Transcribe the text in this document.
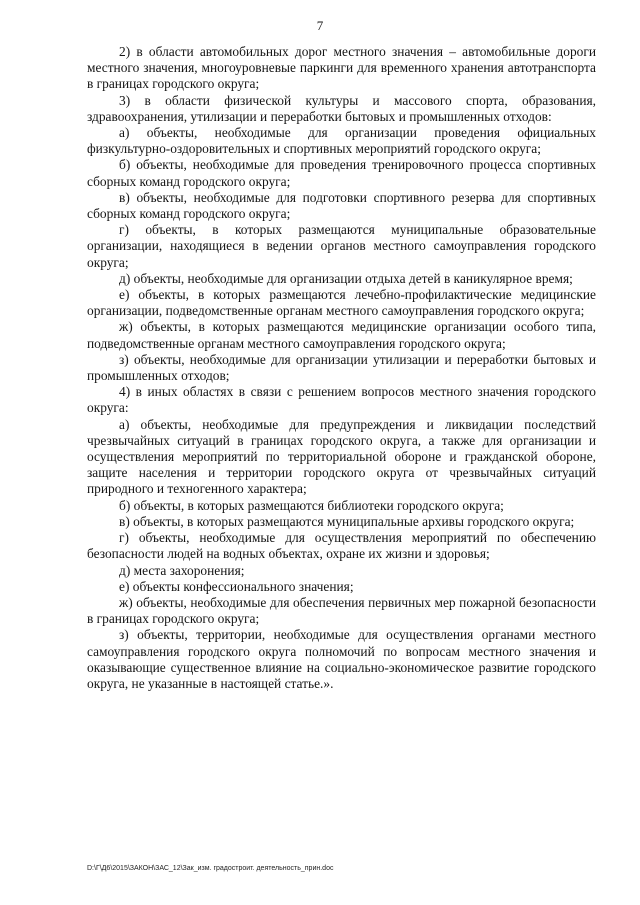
7

2) в области автомобильных дорог местного значения – автомобильные дороги местного значения, многоуровневые паркинги для временного хранения автотранспорта в границах городского округа;

3) в области физической культуры и массового спорта, образования, здравоохранения, утилизации и переработки бытовых и промышленных отходов:

а) объекты, необходимые для организации проведения официальных физкультурно-оздоровительных и спортивных мероприятий городского округа;

б) объекты, необходимые для проведения тренировочного процесса спортивных сборных команд городского округа;

в) объекты, необходимые для подготовки спортивного резерва для спортивных сборных команд городского округа;

г) объекты, в которых размещаются муниципальные образовательные организации, находящиеся в ведении органов местного самоуправления городского округа;

д) объекты, необходимые для организации отдыха детей в каникулярное время;

е) объекты, в которых размещаются лечебно-профилактические медицинские организации, подведомственные органам местного самоуправления городского округа;

ж) объекты, в которых размещаются медицинские организации особого типа, подведомственные органам местного самоуправления городского округа;

з) объекты, необходимые для организации утилизации и переработки бытовых и промышленных отходов;

4) в иных областях в связи с решением вопросов местного значения городского округа:

а) объекты, необходимые для предупреждения и ликвидации последствий чрезвычайных ситуаций в границах городского округа, а также для организации и осуществления мероприятий по территориальной обороне и гражданской обороне, защите населения и территории городского округа от чрезвычайных ситуаций природного и техногенного характера;

б) объекты, в которых размещаются библиотеки городского округа;

в) объекты, в которых размещаются муниципальные архивы городского округа;

г) объекты, необходимые для осуществления мероприятий по обеспечению безопасности людей на водных объектах, охране их жизни и здоровья;

д) места захоронения;

е) объекты конфессионального значения;

ж) объекты, необходимые для обеспечения первичных мер пожарной безопасности в границах городского округа;

з) объекты, территории, необходимые для осуществления органами местного самоуправления городского округа полномочий по вопросам местного значения и оказывающие существенное влияние на социально-экономическое развитие городского округа, не указанные в настоящей статье.».

D:\Г\Д6\2015\ЗАКОН\ЗАС_12\Зак_изм. градостроит. деятельность_прин.doc
